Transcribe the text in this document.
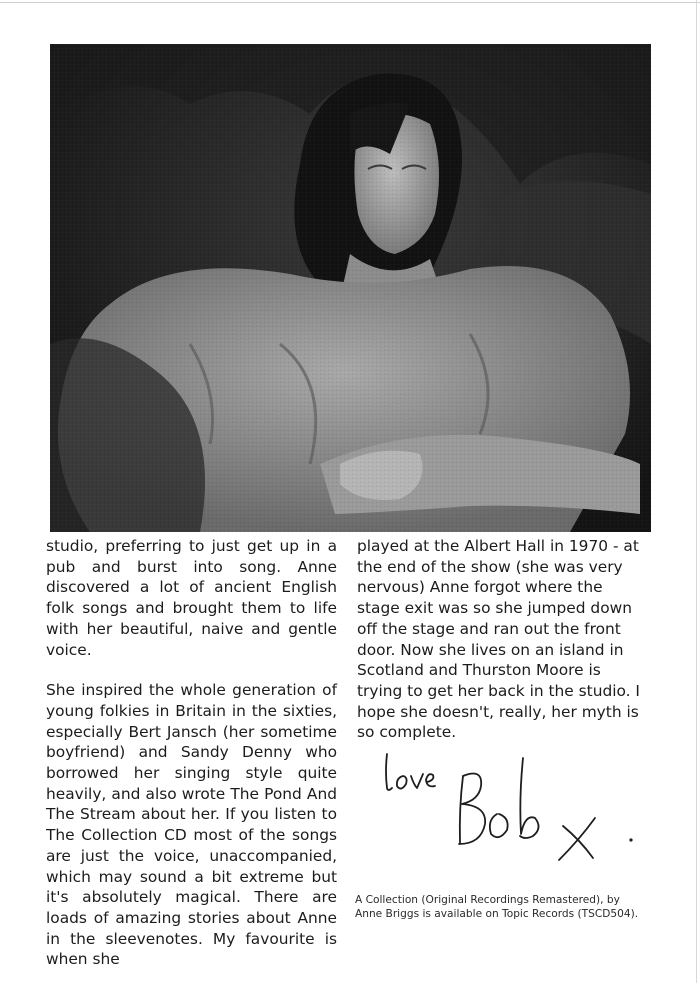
studio, preferring to just get up in a pub and burst into song. Anne discovered a lot of ancient English folk songs and brought them to life with her beautiful, naive and gentle voice.

She inspired the whole generation of young folkies in Britain in the sixties, especially Bert Jansch (her sometime boyfriend) and Sandy Denny who borrowed her singing style quite heavily, and also wrote The Pond And The Stream about her. If you listen to The Collection CD most of the songs are just the voice, unaccompanied, which may sound a bit extreme but it's absolutely magical. There are loads of amazing stories about Anne in the sleevenotes. My favourite is when she

played at the Albert Hall in 1970 - at the end of the show (she was very nervous) Anne forgot where the stage exit was so she jumped down off the stage and ran out the front door. Now she lives on an island in Scotland and Thurston Moore is trying to get her back in the studio. I hope she doesn't, really, her myth is so complete.

A Collection (Original Recordings Remastered), by Anne Briggs is available on Topic Records (TSCD504).
